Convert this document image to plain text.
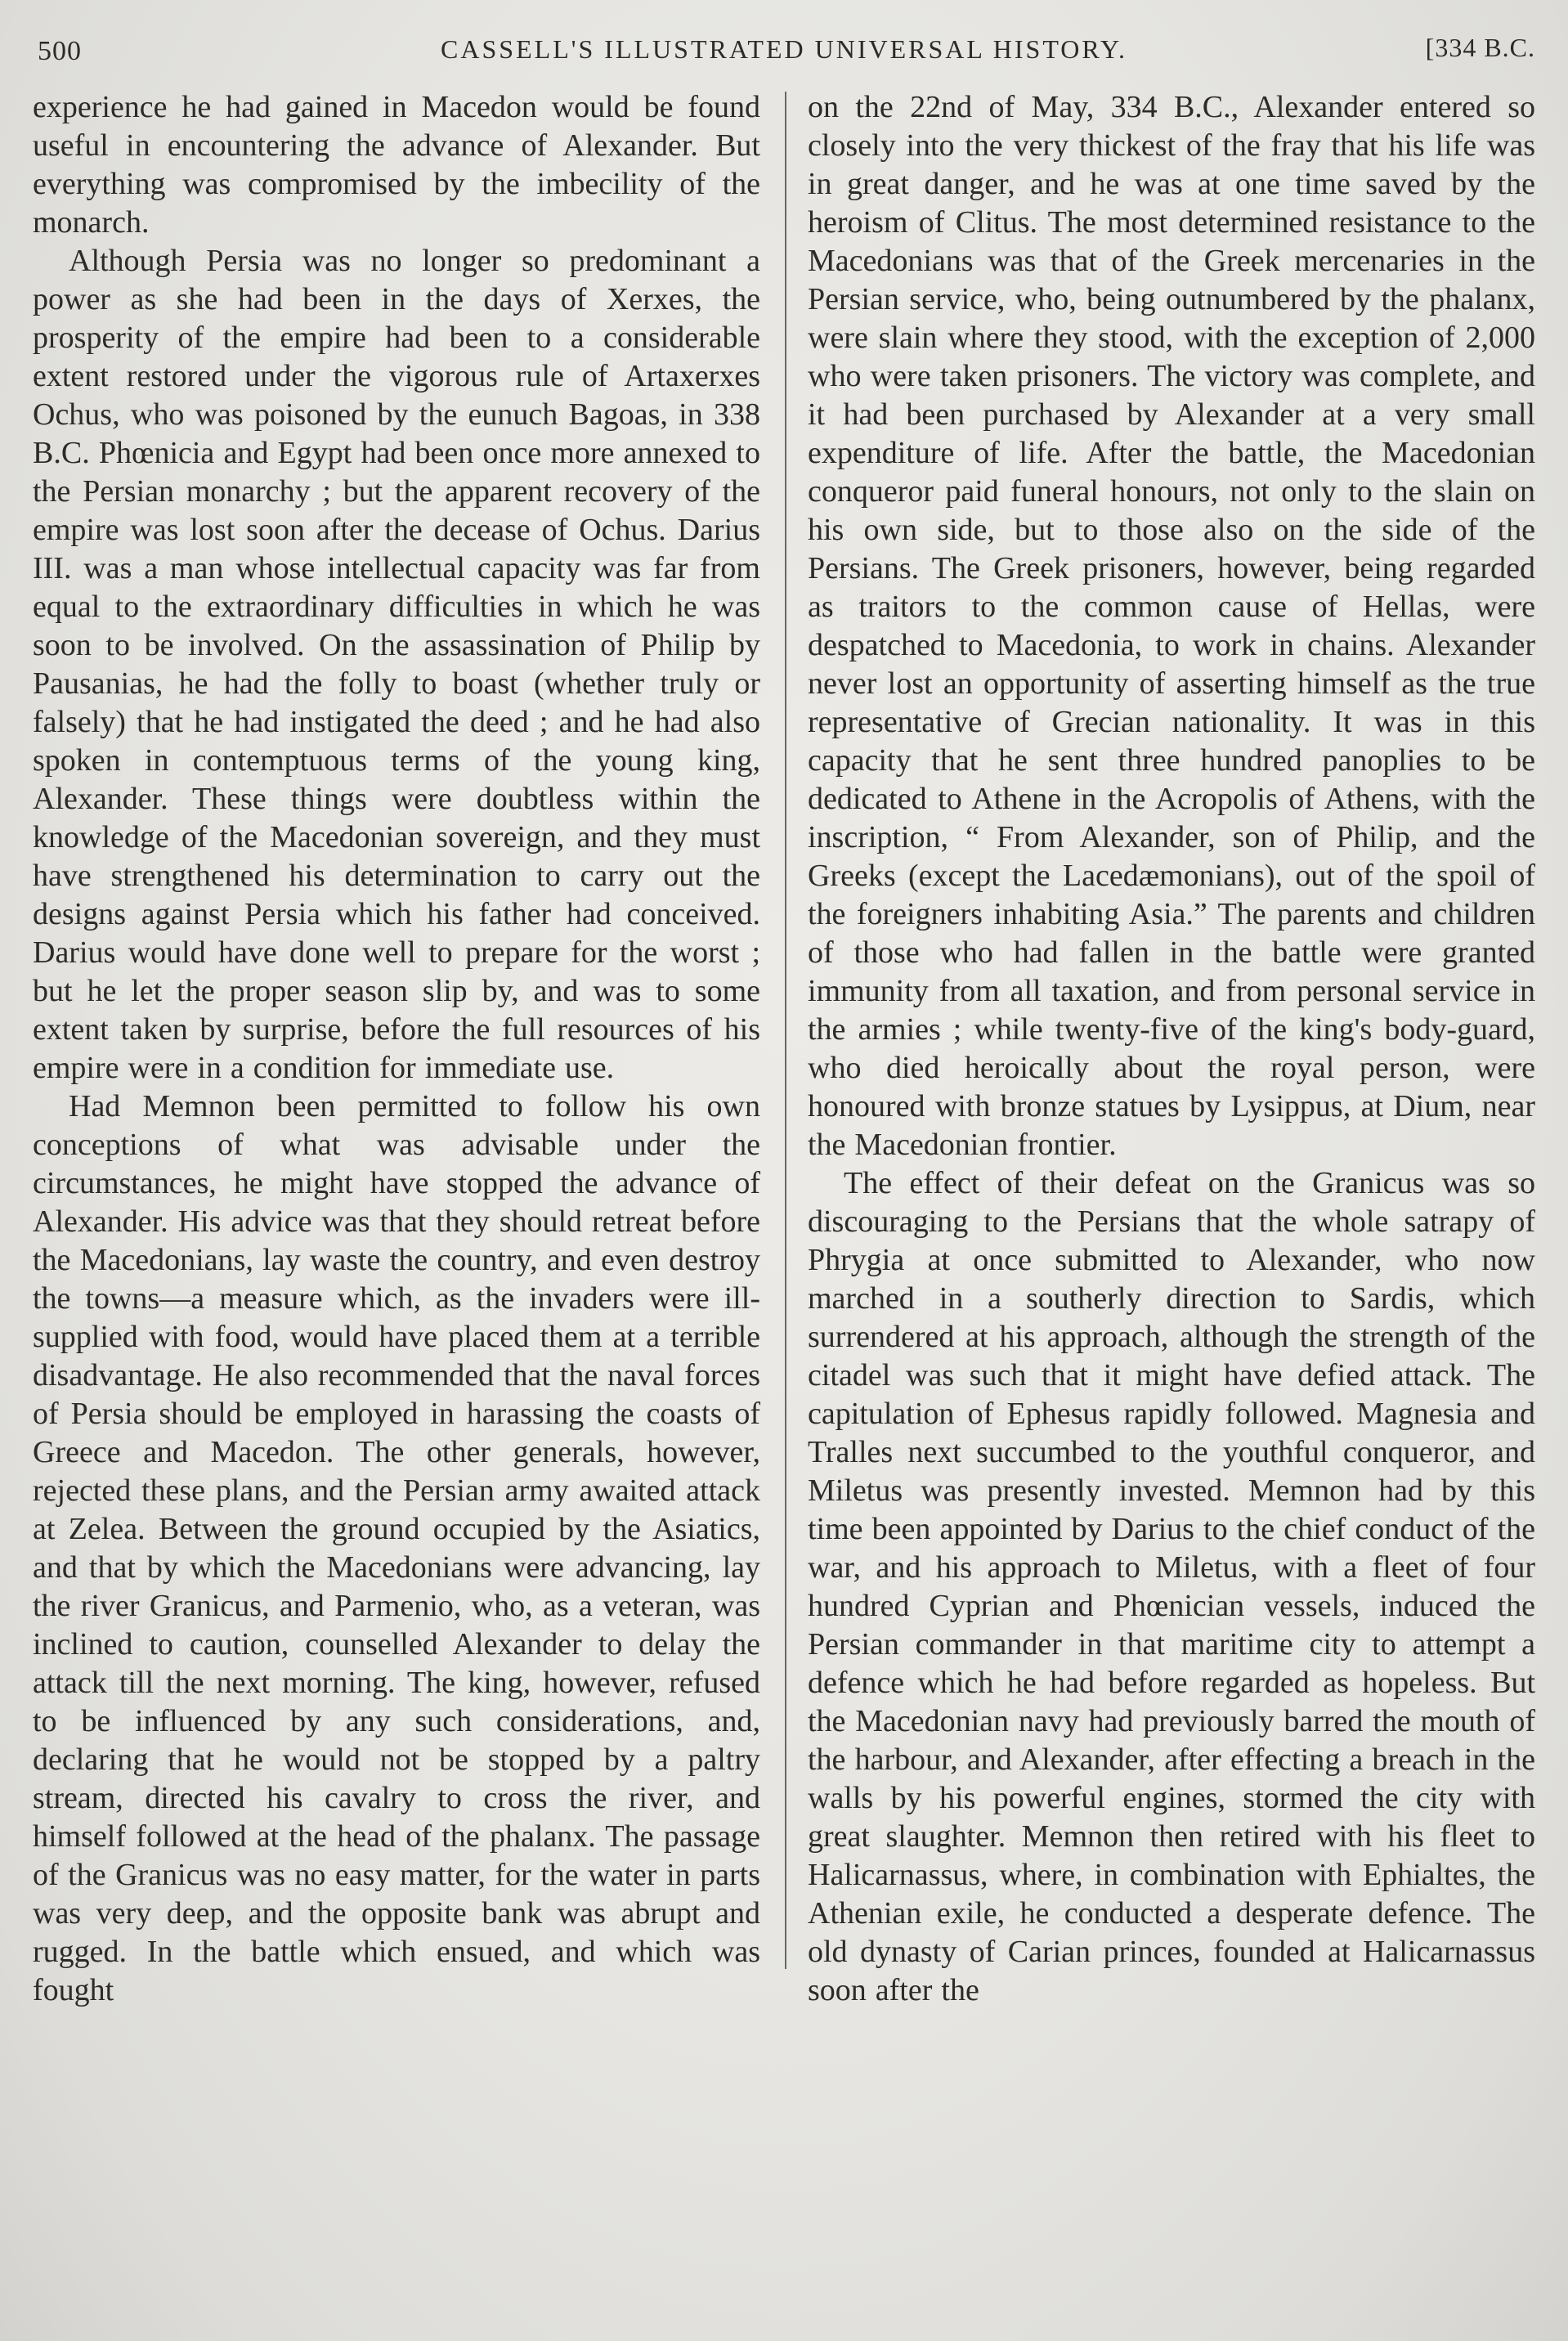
500	CASSELL'S ILLUSTRATED UNIVERSAL HISTORY.	[334 B.C.

experience he had gained in Macedon would be found useful in encountering the advance of Alexander. But everything was compromised by the imbecility of the monarch.

Although Persia was no longer so predominant a power as she had been in the days of Xerxes, the prosperity of the empire had been to a considerable extent restored under the vigorous rule of Artaxerxes Ochus, who was poisoned by the eunuch Bagoas, in 338 B.C. Phœnicia and Egypt had been once more annexed to the Persian monarchy ; but the apparent recovery of the empire was lost soon after the decease of Ochus. Darius III. was a man whose intellectual capacity was far from equal to the extraordinary difficulties in which he was soon to be involved. On the assassination of Philip by Pausanias, he had the folly to boast (whether truly or falsely) that he had instigated the deed ; and he had also spoken in contemptuous terms of the young king, Alexander. These things were doubtless within the knowledge of the Macedonian sovereign, and they must have strengthened his determination to carry out the designs against Persia which his father had conceived. Darius would have done well to prepare for the worst ; but he let the proper season slip by, and was to some extent taken by surprise, before the full resources of his empire were in a condition for immediate use.

Had Memnon been permitted to follow his own conceptions of what was advisable under the circumstances, he might have stopped the advance of Alexander. His advice was that they should retreat before the Macedonians, lay waste the country, and even destroy the towns—a measure which, as the invaders were ill-supplied with food, would have placed them at a terrible disadvantage. He also recommended that the naval forces of Persia should be employed in harassing the coasts of Greece and Macedon. The other generals, however, rejected these plans, and the Persian army awaited attack at Zelea. Between the ground occupied by the Asiatics, and that by which the Macedonians were advancing, lay the river Granicus, and Parmenio, who, as a veteran, was inclined to caution, counselled Alexander to delay the attack till the next morning. The king, however, refused to be influenced by any such considerations, and, declaring that he would not be stopped by a paltry stream, directed his cavalry to cross the river, and himself followed at the head of the phalanx. The passage of the Granicus was no easy matter, for the water in parts was very deep, and the opposite bank was abrupt and rugged. In the battle which ensued, and which was fought

on the 22nd of May, 334 B.C., Alexander entered so closely into the very thickest of the fray that his life was in great danger, and he was at one time saved by the heroism of Clitus. The most determined resistance to the Macedonians was that of the Greek mercenaries in the Persian service, who, being outnumbered by the phalanx, were slain where they stood, with the exception of 2,000 who were taken prisoners. The victory was complete, and it had been purchased by Alexander at a very small expenditure of life. After the battle, the Macedonian conqueror paid funeral honours, not only to the slain on his own side, but to those also on the side of the Persians. The Greek prisoners, however, being regarded as traitors to the common cause of Hellas, were despatched to Macedonia, to work in chains. Alexander never lost an opportunity of asserting himself as the true representative of Grecian nationality. It was in this capacity that he sent three hundred panoplies to be dedicated to Athene in the Acropolis of Athens, with the inscription, “ From Alexander, son of Philip, and the Greeks (except the Lacedæmonians), out of the spoil of the foreigners inhabiting Asia.” The parents and children of those who had fallen in the battle were granted immunity from all taxation, and from personal service in the armies ; while twenty-five of the king's body-guard, who died heroically about the royal person, were honoured with bronze statues by Lysippus, at Dium, near the Macedonian frontier.

The effect of their defeat on the Granicus was so discouraging to the Persians that the whole satrapy of Phrygia at once submitted to Alexander, who now marched in a southerly direction to Sardis, which surrendered at his approach, although the strength of the citadel was such that it might have defied attack. The capitulation of Ephesus rapidly followed. Magnesia and Tralles next succumbed to the youthful conqueror, and Miletus was presently invested. Memnon had by this time been appointed by Darius to the chief conduct of the war, and his approach to Miletus, with a fleet of four hundred Cyprian and Phœnician vessels, induced the Persian commander in that maritime city to attempt a defence which he had before regarded as hopeless. But the Macedonian navy had previously barred the mouth of the harbour, and Alexander, after effecting a breach in the walls by his powerful engines, stormed the city with great slaughter. Memnon then retired with his fleet to Halicarnassus, where, in combination with Ephialtes, the Athenian exile, he conducted a desperate defence. The old dynasty of Carian princes, founded at Halicarnassus soon after the
